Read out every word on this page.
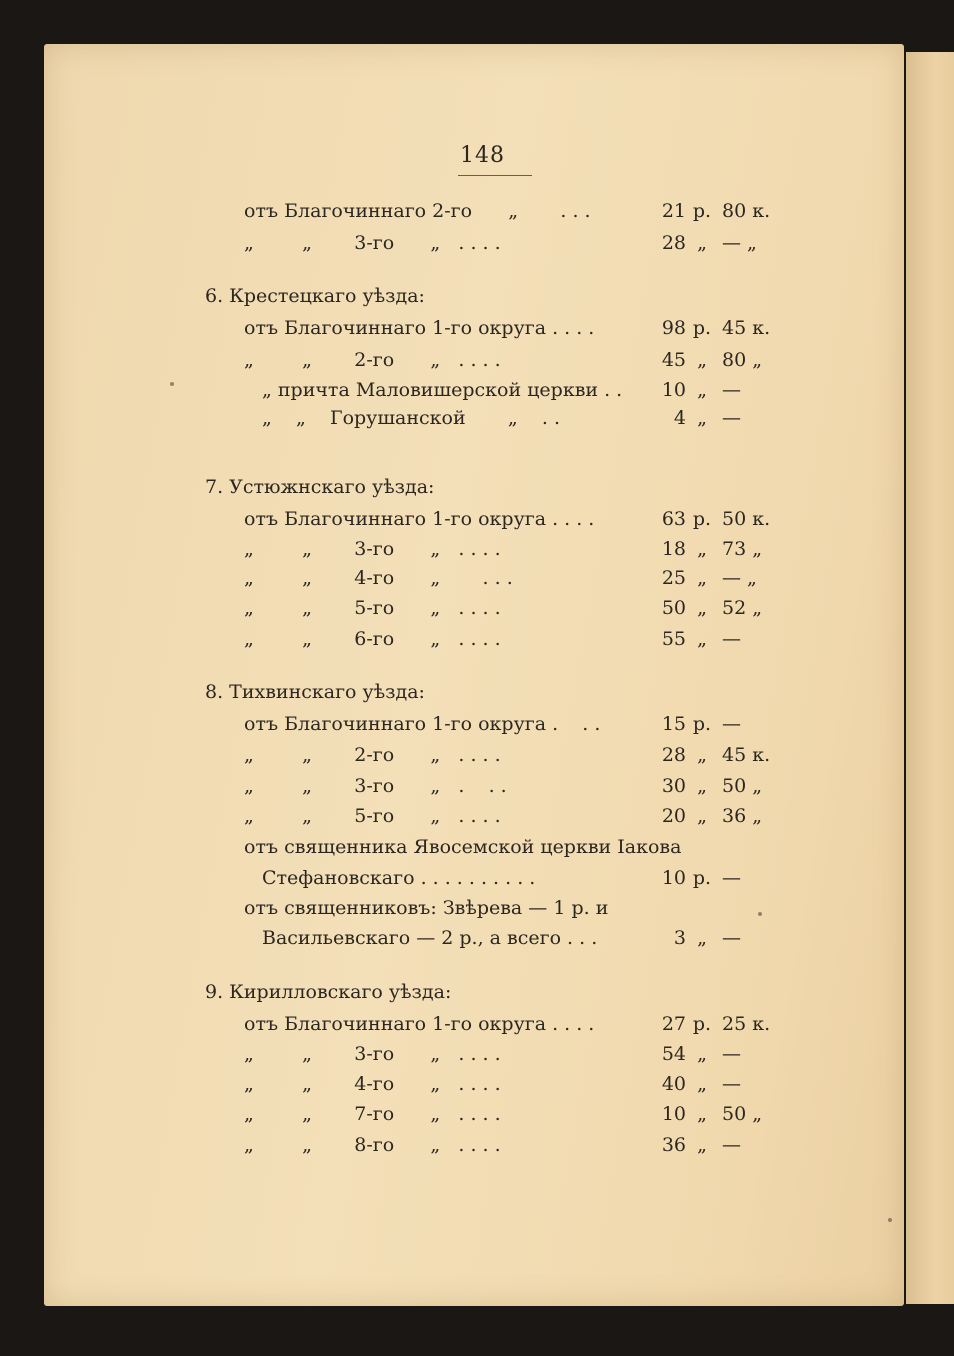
148
отъ Благочиннаго 2-го      „       . . .	21 р. 80 к.
„        „       3-го      „   . . . .	28 „ — „
6. Крестецкаго уѣзда:
отъ Благочиннаго 1-го округа . . . .	98 р. 45 к.
„        „       2-го      „   . . . .	45 „ 80 „
„ причта Маловишерской церкви . .	10 „ —
„    „    Горушанской       „    . .	4 „ —
7. Устюжнскаго уѣзда:
отъ Благочиннаго 1-го округа . . . .	63 р. 50 к.
„        „       3-го      „   . . . .	18 „ 73 „
„        „       4-го      „       . . .	25 „ — „
„        „       5-го      „   . . . .	50 „ 52 „
„        „       6-го      „   . . . .	55 „ —
8. Тихвинскаго уѣзда:
отъ Благочиннаго 1-го округа .    . .	15 р. —
„        „       2-го      „   . . . .	28 „ 45 к.
„        „       3-го      „   .    . .	30 „ 50 „
„        „       5-го      „   . . . .	20 „ 36 „
отъ священника Явосемской церкви Іакова
Стефановскаго . . . . . . . . . .	10 р. —
отъ священниковъ: Звѣрева — 1 р. и
Васильевскаго — 2 р., а всего . . .	3 „ —
9. Кирилловскаго уѣзда:
отъ Благочиннаго 1-го округа . . . .	27 р. 25 к.
„        „       3-го      „   . . . .	54 „ —
„        „       4-го      „   . . . .	40 „ —
„        „       7-го      „   . . . .	10 „ 50 „
„        „       8-го      „   . . . .	36 „ —
